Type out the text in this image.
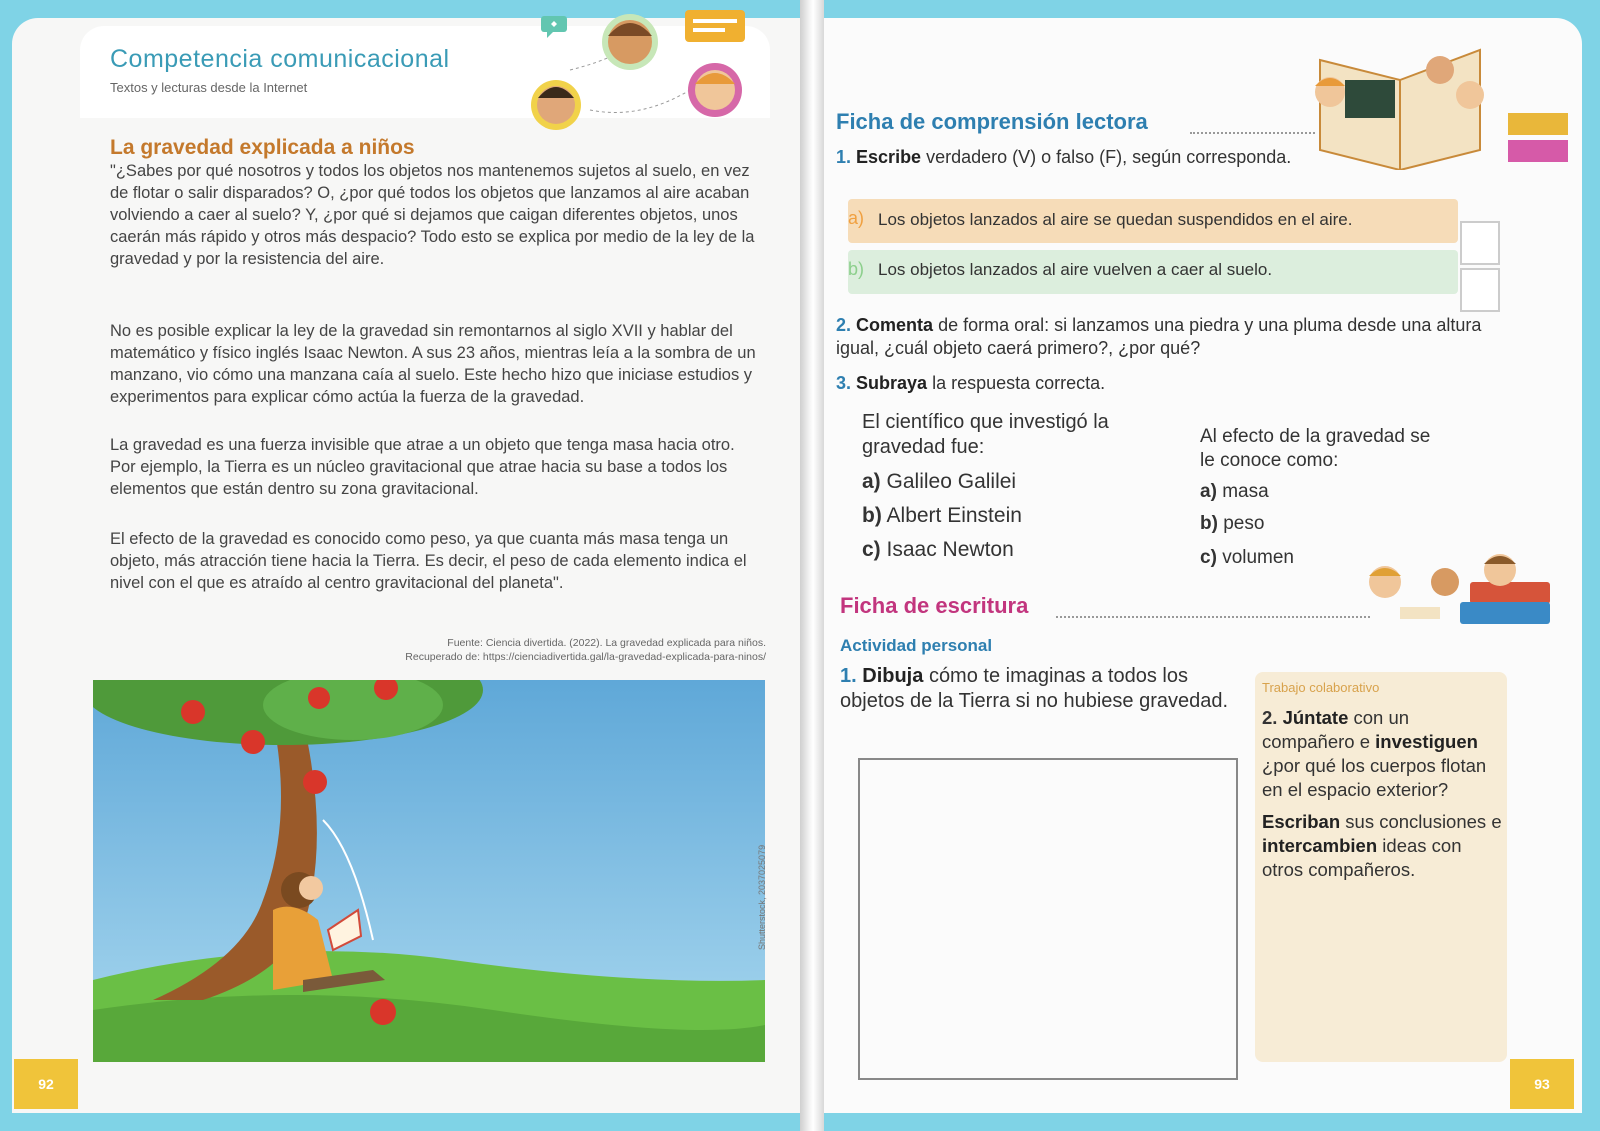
Competencia comunicacional
Textos y lecturas desde la Internet
La gravedad explicada a niños

"¿Sabes por qué nosotros y todos los objetos nos mantenemos sujetos al suelo, en vez de flotar o salir disparados? O, ¿por qué todos los objetos que lanzamos al aire acaban volviendo a caer al suelo? Y, ¿por qué si dejamos que caigan diferentes objetos, unos caerán más rápido y otros más despacio? Todo esto se explica por medio de la ley de la gravedad y por la resistencia del aire.

No es posible explicar la ley de la gravedad sin remontarnos al siglo XVII y hablar del matemático y físico inglés Isaac Newton. A sus 23 años, mientras leía a la sombra de un manzano, vio cómo una manzana caía al suelo. Este hecho hizo que iniciase estudios y experimentos para explicar cómo actúa la fuerza de la gravedad.

La gravedad es una fuerza invisible que atrae a un objeto que tenga masa hacia otro. Por ejemplo, la Tierra es un núcleo gravitacional que atrae hacia su base a todos los elementos que están dentro su zona gravitacional.

El efecto de la gravedad es conocido como peso, ya que cuanta más masa tenga un objeto, más atracción tiene hacia la Tierra. Es decir, el peso de cada elemento indica el nivel con el que es atraído al centro gravitacional del planeta".

Fuente: Ciencia divertida. (2022). La gravedad explicada para niños.
Recuperado de: https://cienciadivertida.gal/la-gravedad-explicada-para-ninos/
Shutterstock, 2037025079
92
Ficha de comprensión lectora
1. Escribe verdadero (V) o falso (F), según corresponda.
a) Los objetos lanzados al aire se quedan suspendidos en el aire.
b) Los objetos lanzados al aire vuelven a caer al suelo.
2. Comenta de forma oral: si lanzamos una piedra y una pluma desde una altura igual, ¿cuál objeto caerá primero?, ¿por qué?
3. Subraya la respuesta correcta.
El científico que investigó la gravedad fue:
a) Galileo Galilei
b) Albert Einstein
c) Isaac Newton
Al efecto de la gravedad se le conoce como:
a) masa
b) peso
c) volumen
Ficha de escritura
Actividad personal
1. Dibuja cómo te imaginas a todos los objetos de la Tierra si no hubiese gravedad.
Trabajo colaborativo
2. Júntate con un compañero e investiguen ¿por qué los cuerpos flotan en el espacio exterior?
Escriban sus conclusiones e intercambien ideas con otros compañeros.
93
